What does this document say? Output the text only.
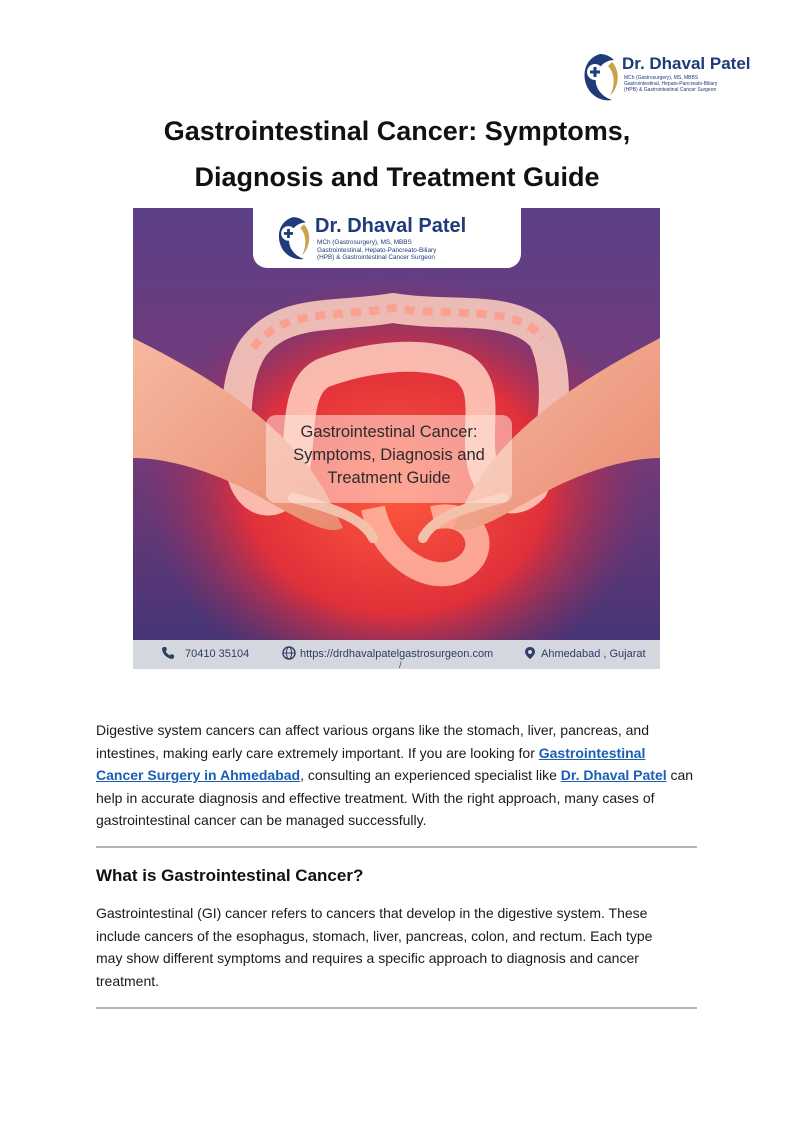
Dr. Dhaval Patel
MCh (Gastrosurgery), MS, MBBS
Gastrointestinal, Hepato-Pancreato-Biliary
(HPB) & Gastrointestinal Cancer Surgeon
Gastrointestinal Cancer: Symptoms,
Diagnosis and Treatment Guide
Dr. Dhaval Patel
MCh (Gastrosurgery), MS, MBBS
Gastrointestinal, Hepato-Pancreato-Biliary
(HPB) & Gastrointestinal Cancer Surgeon
Gastrointestinal Cancer:
Symptoms, Diagnosis and
Treatment Guide
70410 35104	https://drdhavalpatelgastrosurgeon.com
/
Ahmedabad , Gujarat
Digestive system cancers can affect various organs like the stomach, liver, pancreas, and
intestines, making early care extremely important. If you are looking for Gastrointestinal
Cancer Surgery in Ahmedabad, consulting an experienced specialist like Dr. Dhaval Patel can
help in accurate diagnosis and effective treatment. With the right approach, many cases of
gastrointestinal cancer can be managed successfully.
What is Gastrointestinal Cancer?
Gastrointestinal (GI) cancer refers to cancers that develop in the digestive system. These
include cancers of the esophagus, stomach, liver, pancreas, colon, and rectum. Each type
may show different symptoms and requires a specific approach to diagnosis and cancer
treatment.
